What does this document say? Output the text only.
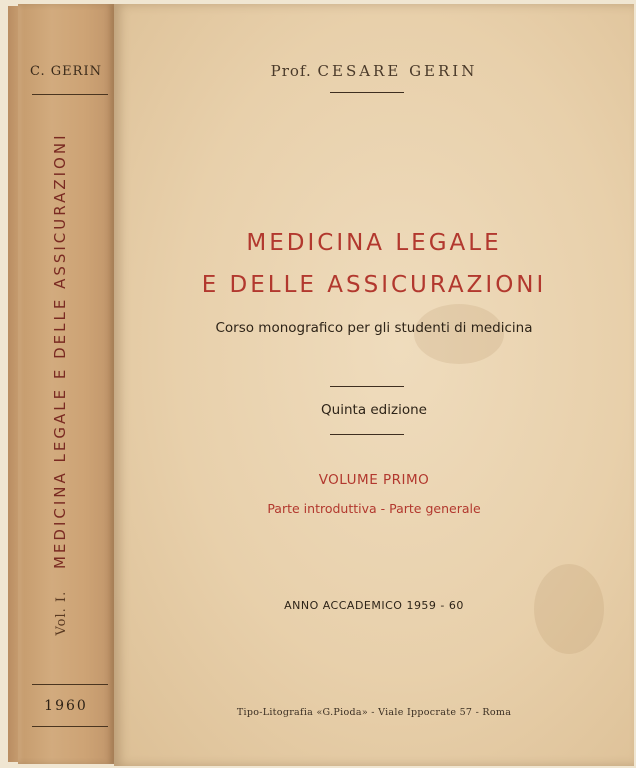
C. GERIN
Vol. I. MEDICINA LEGALE E DELLE ASSICURAZIONI
1960
Prof. CESARE GERIN
MEDICINA LEGALE
E DELLE ASSICURAZIONI
Corso monografico per gli studenti di medicina
Quinta edizione
VOLUME PRIMO
Parte introduttiva - Parte generale
ANNO ACCADEMICO 1959 - 60
Tipo-Litografia «G.Pioda» - Viale Ippocrate 57 - Roma
